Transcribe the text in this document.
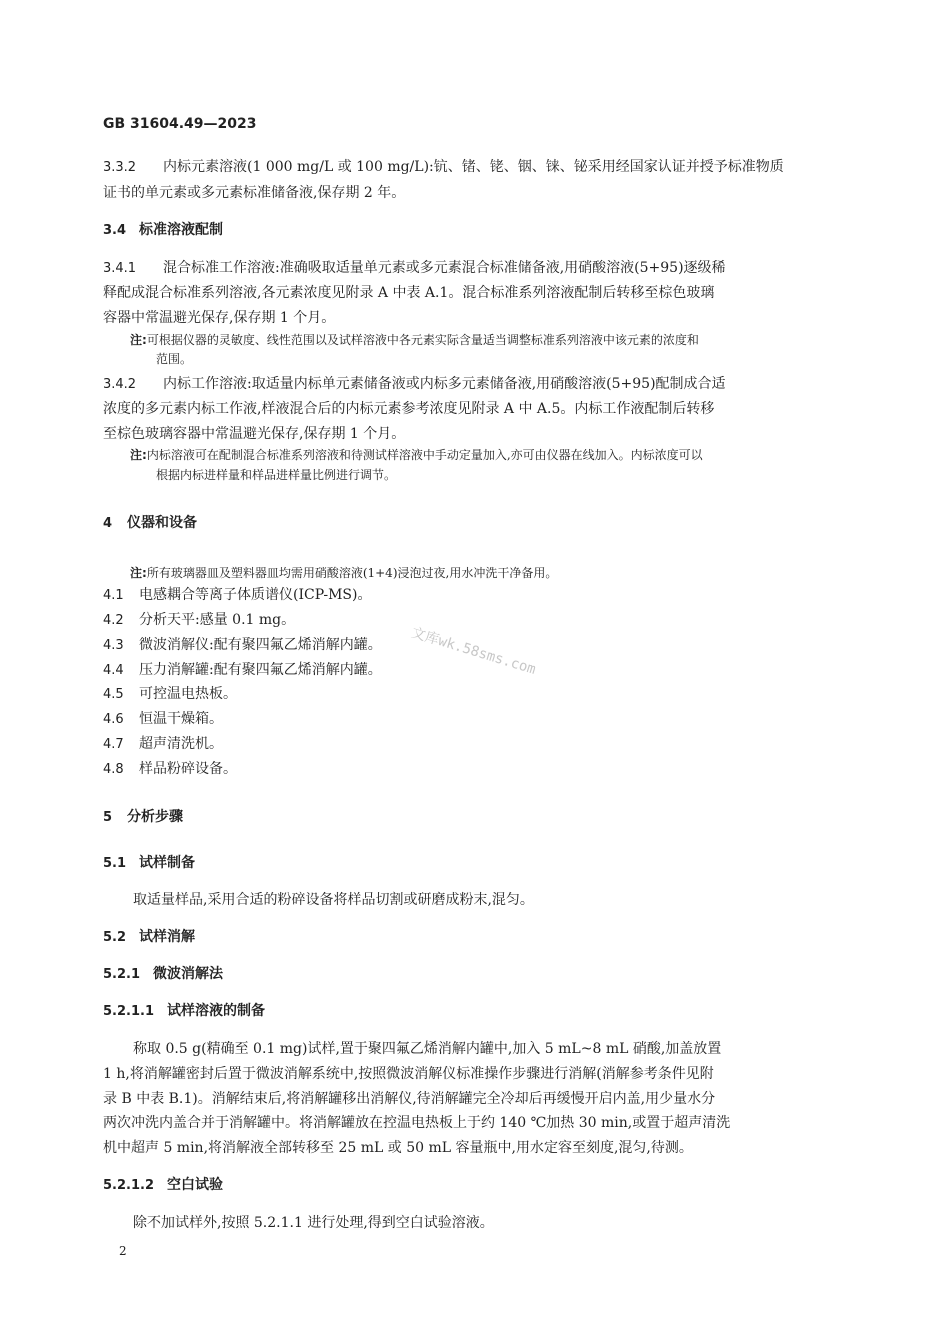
GB 31604.49—2023
3.3.2 内标元素溶液(1 000 mg/L 或 100 mg/L):钪、锗、铑、铟、铼、铋采用经国家认证并授予标准物质
证书的单元素或多元素标准储备液,保存期 2 年。
3.4 标准溶液配制
3.4.1 混合标准工作溶液:准确吸取适量单元素或多元素混合标准储备液,用硝酸溶液(5+95)逐级稀
释配成混合标准系列溶液,各元素浓度见附录 A 中表 A.1。混合标准系列溶液配制后转移至棕色玻璃
容器中常温避光保存,保存期 1 个月。
注:可根据仪器的灵敏度、线性范围以及试样溶液中各元素实际含量适当调整标准系列溶液中该元素的浓度和
范围。
3.4.2 内标工作溶液:取适量内标单元素储备液或内标多元素储备液,用硝酸溶液(5+95)配制成合适
浓度的多元素内标工作液,样液混合后的内标元素参考浓度见附录 A 中 A.5。内标工作液配制后转移
至棕色玻璃容器中常温避光保存,保存期 1 个月。
注:内标溶液可在配制混合标准系列溶液和待测试样溶液中手动定量加入,亦可由仪器在线加入。内标浓度可以
根据内标进样量和样品进样量比例进行调节。
4 仪器和设备
注:所有玻璃器皿及塑料器皿均需用硝酸溶液(1+4)浸泡过夜,用水冲洗干净备用。
4.1 电感耦合等离子体质谱仪(ICP-MS)。
4.2 分析天平:感量 0.1 mg。
4.3 微波消解仪:配有聚四氟乙烯消解内罐。
4.4 压力消解罐:配有聚四氟乙烯消解内罐。
4.5 可控温电热板。
4.6 恒温干燥箱。
4.7 超声清洗机。
4.8 样品粉碎设备。
5 分析步骤
5.1 试样制备
取适量样品,采用合适的粉碎设备将样品切割或研磨成粉末,混匀。
5.2 试样消解
5.2.1 微波消解法
5.2.1.1 试样溶液的制备
称取 0.5 g(精确至 0.1 mg)试样,置于聚四氟乙烯消解内罐中,加入 5 mL~8 mL 硝酸,加盖放置
1 h,将消解罐密封后置于微波消解系统中,按照微波消解仪标准操作步骤进行消解(消解参考条件见附
录 B 中表 B.1)。消解结束后,将消解罐移出消解仪,待消解罐完全冷却后再缓慢开启内盖,用少量水分
两次冲洗内盖合并于消解罐中。将消解罐放在控温电热板上于约 140 ℃加热 30 min,或置于超声清洗
机中超声 5 min,将消解液全部转移至 25 mL 或 50 mL 容量瓶中,用水定容至刻度,混匀,待测。
5.2.1.2 空白试验
除不加试样外,按照 5.2.1.1 进行处理,得到空白试验溶液。
2
文库wk.58sms.com
